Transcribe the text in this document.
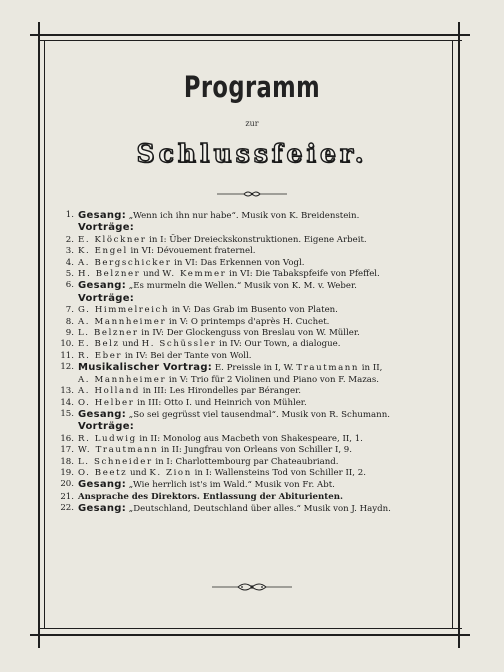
Programm
zur
Schlussfeier.
1. Gesang: „Wenn ich ihn nur habe“. Musik von K. Breidenstein.
Vorträge:
2. E. Klöckner in I: Über Dreieckskonstruktionen. Eigene Arbeit.
3. K. Engel in VI: Dévouement fraternel.
4. A. Bergschicker in VI: Das Erkennen von Vogl.
5. H. Belzner und W. Kemmer in VI: Die Tabakspfeife von Pfeffel.
6. Gesang: „Es murmeln die Wellen.“ Musik von K. M. v. Weber.
Vorträge:
7. G. Himmelreich in V: Das Grab im Busento von Platen.
8. A. Mannheimer in V: O printemps d'après H. Cuchet.
9. L. Belzner in IV: Der Glockenguss von Breslau von W. Müller.
10. E. Belz und H. Schüssler in IV: Our Town, a dialogue.
11. R. Eber in IV: Bei der Tante von Woll.
12. Musikalischer Vortrag: E. Preissle in I, W. Trautmann in II,
A. Mannheimer in V: Trio für 2 Violinen und Piano von F. Mazas.
13. A. Holland in III: Les Hirondelles par Béranger.
14. O. Helber in III: Otto I. und Heinrich von Mühler.
15. Gesang: „So sei gegrüsst viel tausendmal“. Musik von R. Schumann.
Vorträge:
16. R. Ludwig in II: Monolog aus Macbeth von Shakespeare, II, 1.
17. W. Trautmann in II: Jungfrau von Orleans von Schiller I, 9.
18. L. Schneider in I: Charlottembourg par Chateaubriand.
19. O. Beetz und K. Zion in I: Wallensteins Tod von Schiller II, 2.
20. Gesang: „Wie herrlich ist's im Wald.“ Musik von Fr. Abt.
21. Ansprache des Direktors. Entlassung der Abiturienten.
22. Gesang: „Deutschland, Deutschland über alles.“ Musik von J. Haydn.
